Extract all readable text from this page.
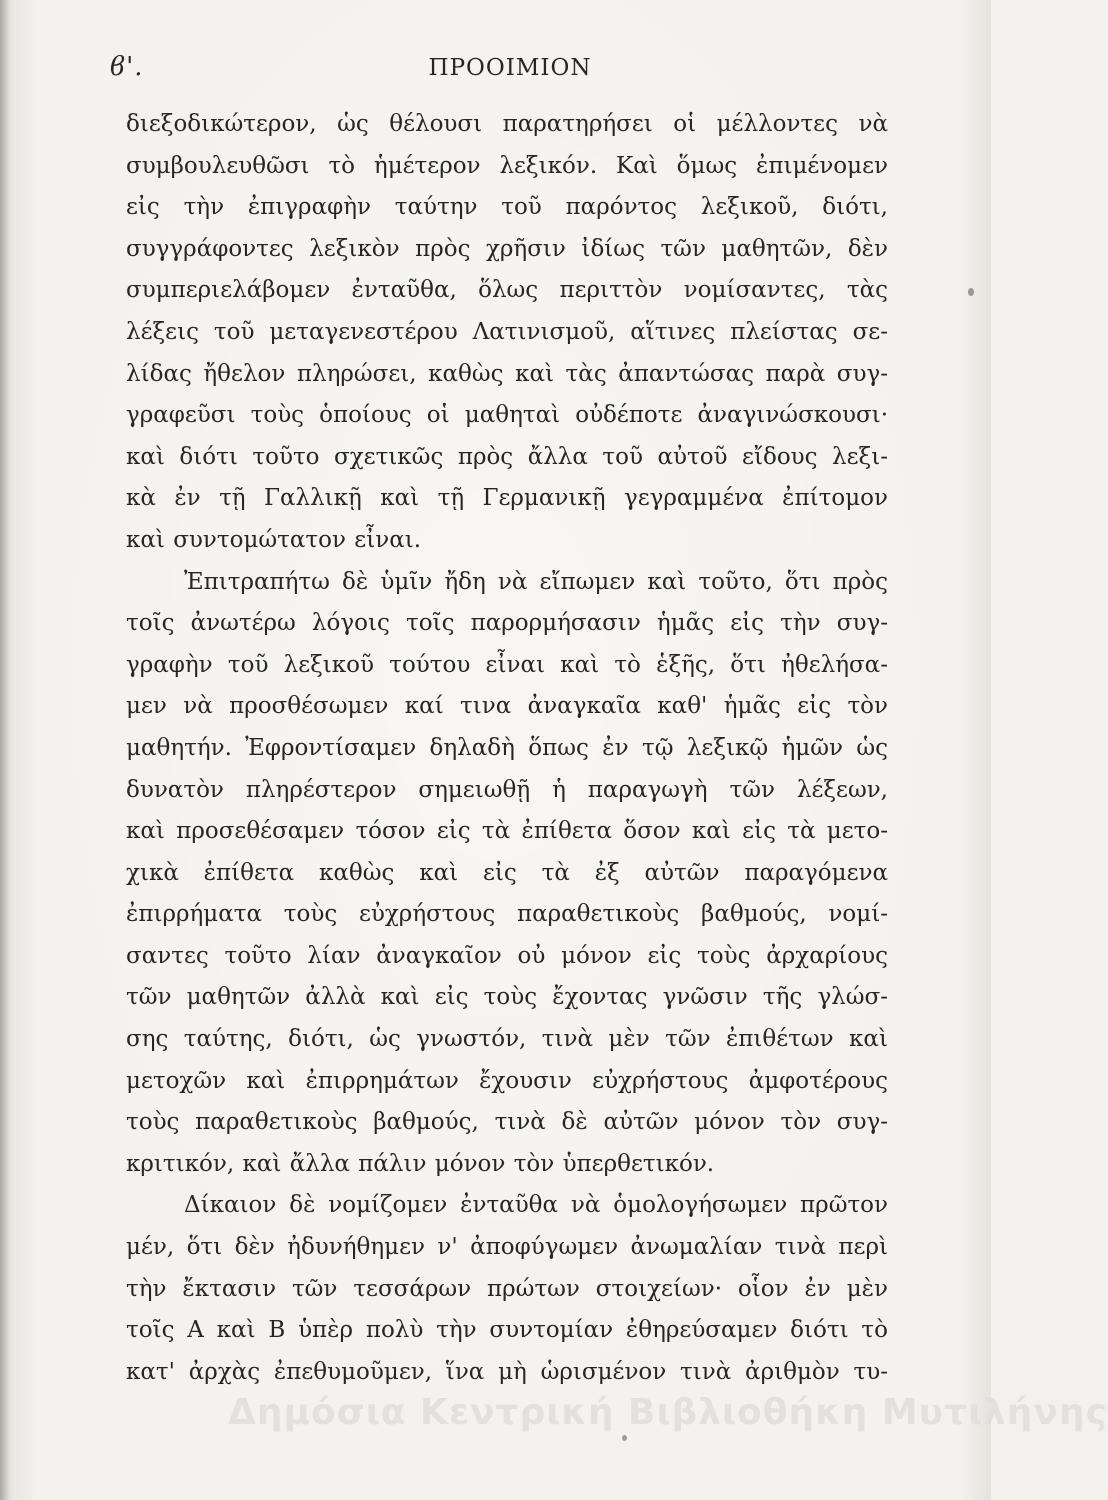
ϐ'.	ΠΡΟΟΙΜΙΟΝ

διεξοδικώτερον, ὡς θέλουσι παρατηρήσει οἱ μέλλοντες νὰ
συμβουλευθῶσι τὸ ἡμέτερον λεξικόν. Καὶ ὅμως ἐπιμένομεν
εἰς τὴν ἐπιγραφὴν ταύτην τοῦ παρόντος λεξικοῦ, διότι,
συγγράφοντες λεξικὸν πρὸς χρῆσιν ἰδίως τῶν μαθητῶν, δὲν
συμπεριελάβομεν ἐνταῦθα, ὅλως περιττὸν νομίσαντες, τὰς
λέξεις τοῦ μεταγενεστέρου Λατινισμοῦ, αἵτινες πλείστας σε-
λίδας ἤθελον πληρώσει, καθὼς καὶ τὰς ἀπαντώσας παρὰ συγ-
γραφεῦσι τοὺς ὁποίους οἱ μαθηταὶ οὐδέποτε ἀναγινώσκουσι·
καὶ διότι τοῦτο σχετικῶς πρὸς ἄλλα τοῦ αὐτοῦ εἴδους λεξι-
κὰ ἐν τῇ Γαλλικῇ καὶ τῇ Γερμανικῇ γεγραμμένα ἐπίτομον
καὶ συντομώτατον εἶναι.

Ἐπιτραπήτω δὲ ὑμῖν ἤδη νὰ εἴπωμεν καὶ τοῦτο, ὅτι πρὸς
τοῖς ἀνωτέρω λόγοις τοῖς παρορμήσασιν ἡμᾶς εἰς τὴν συγ-
γραφὴν τοῦ λεξικοῦ τούτου εἶναι καὶ τὸ ἑξῆς, ὅτι ἠθελήσα-
μεν νὰ προσθέσωμεν καί τινα ἀναγκαῖα καθ' ἡμᾶς εἰς τὸν
μαθητήν. Ἐφροντίσαμεν δηλαδὴ ὅπως ἐν τῷ λεξικῷ ἡμῶν ὡς
δυνατὸν πληρέστερον σημειωθῇ ἡ παραγωγὴ τῶν λέξεων,
καὶ προσεθέσαμεν τόσον εἰς τὰ ἐπίθετα ὅσον καὶ εἰς τὰ μετο-
χικὰ ἐπίθετα καθὼς καὶ εἰς τὰ ἐξ αὐτῶν παραγόμενα
ἐπιρρήματα τοὺς εὐχρήστους παραθετικοὺς βαθμούς, νομί-
σαντες τοῦτο λίαν ἀναγκαῖον οὐ μόνον εἰς τοὺς ἀρχαρίους
τῶν μαθητῶν ἀλλὰ καὶ εἰς τοὺς ἔχοντας γνῶσιν τῆς γλώσ-
σης ταύτης, διότι, ὡς γνωστόν, τινὰ μὲν τῶν ἐπιθέτων καὶ
μετοχῶν καὶ ἐπιρρημάτων ἔχουσιν εὐχρήστους ἀμφοτέρους
τοὺς παραθετικοὺς βαθμούς, τινὰ δὲ αὐτῶν μόνον τὸν συγ-
κριτικόν, καὶ ἄλλα πάλιν μόνον τὸν ὑπερθετικόν.

Δίκαιον δὲ νομίζομεν ἐνταῦθα νὰ ὁμολογήσωμεν πρῶτον
μέν, ὅτι δὲν ἠδυνήθημεν ν' ἀποφύγωμεν ἀνωμαλίαν τινὰ περὶ
τὴν ἔκτασιν τῶν τεσσάρων πρώτων στοιχείων· οἷον ἐν μὲν
τοῖς Α καὶ Β ὑπὲρ πολὺ τὴν συντομίαν ἐθηρεύσαμεν διότι τὸ
κατ' ἀρχὰς ἐπεθυμοῦμεν, ἵνα μὴ ὡρισμένον τινὰ ἀριθμὸν τυ-

Δημόσια Κεντρική Βιβλιοθήκη Μυτιλήνης
